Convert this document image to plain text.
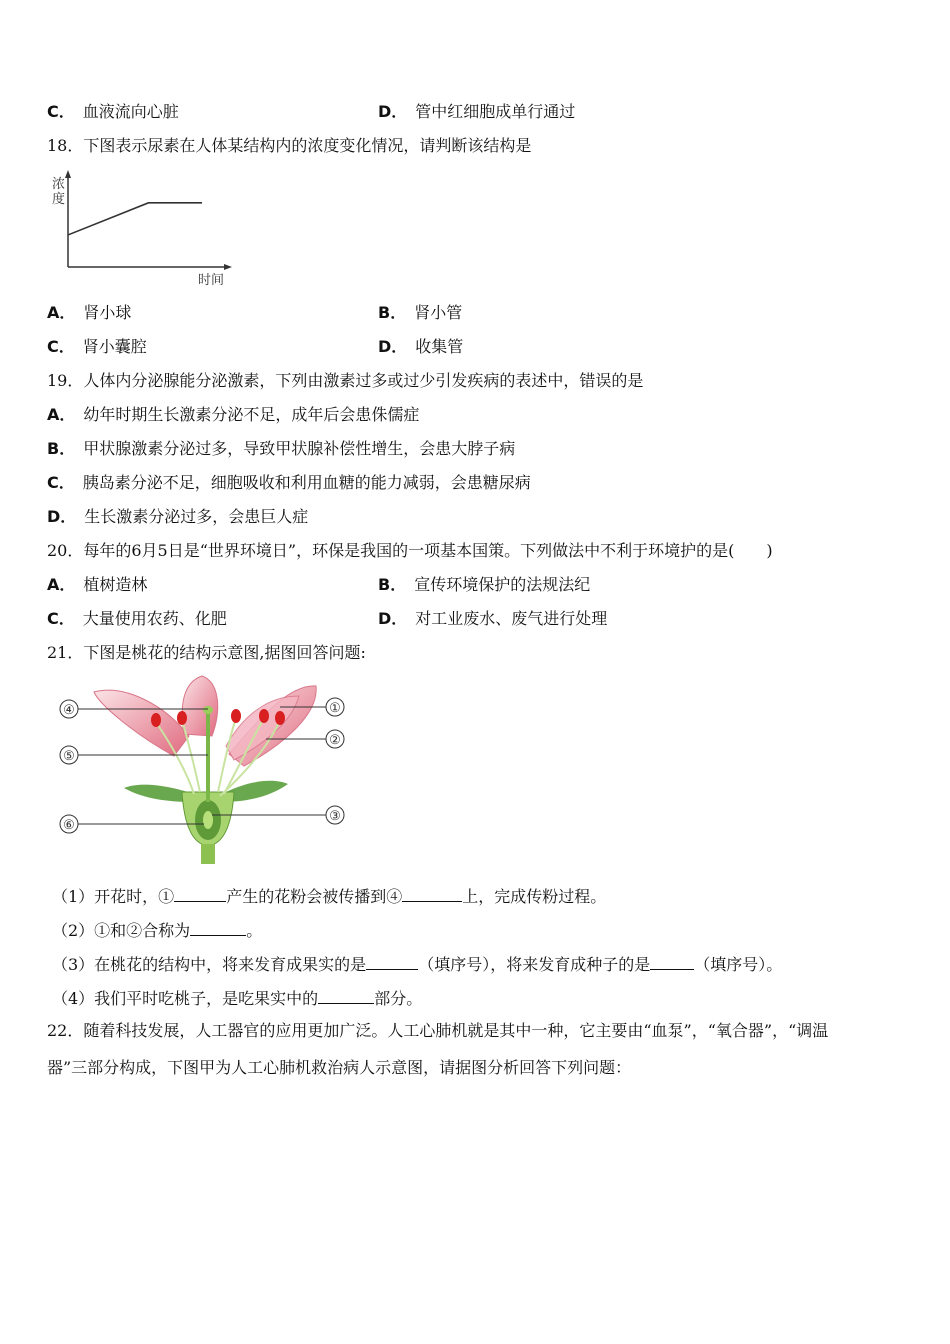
C． 血液流向心脏	D． 管中红细胞成单行通过
18．下图表示尿素在人体某结构内的浓度变化情况，请判断该结构是
浓
度
时间
A． 肾小球	B． 肾小管
C． 肾小囊腔	D． 收集管
19．人体内分泌腺能分泌激素，下列由激素过多或过少引发疾病的表述中，错误的是
A． 幼年时期生长激素分泌不足，成年后会患侏儒症
B． 甲状腺激素分泌过多，导致甲状腺补偿性增生，会患大脖子病
C． 胰岛素分泌不足，细胞吸收和利用血糖的能力减弱，会患糖尿病
D． 生长激素分泌过多，会患巨人症
20．每年的6月5日是“世界环境日”，环保是我国的一项基本国策。下列做法中不利于环境护的是(　　)
A． 植树造林	B． 宣传环境保护的法规法纪
C． 大量使用农药、化肥	D． 对工业废水、废气进行处理
21．下图是桃花的结构示意图,据图回答问题:
④
⑤
⑥
①
②
③
（1）开花时，①	产生的花粉会被传播到④	上，完成传粉过程。
（2）①和②合称为	。
（3）在桃花的结构中，将来发育成果实的是	（填序号），将来发育成种子的是	（填序号）。
（4）我们平时吃桃子，是吃果实中的	部分。
22．随着科技发展，人工器官的应用更加广泛。人工心肺机就是其中一种，它主要由“血泵”，“氧合器”，“调温
器”三部分构成，下图甲为人工心肺机救治病人示意图，请据图分析回答下列问题：
